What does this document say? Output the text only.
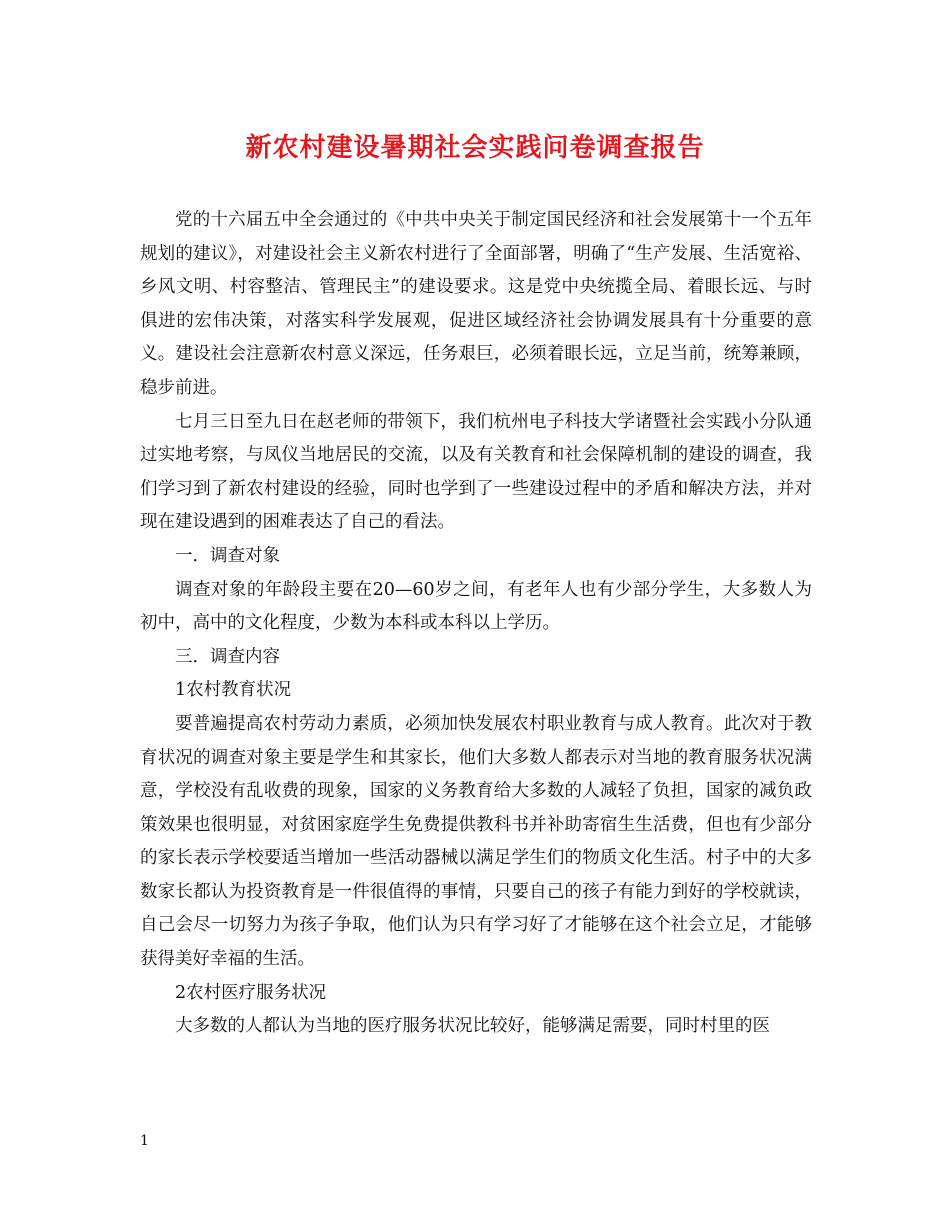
新农村建设暑期社会实践问卷调查报告

党的十六届五中全会通过的《中共中央关于制定国民经济和社会发展第十一个五年规划的建议》，对建设社会主义新农村进行了全面部署，明确了“生产发展、生活宽裕、乡风文明、村容整洁、管理民主”的建设要求。这是党中央统揽全局、着眼长远、与时俱进的宏伟决策，对落实科学发展观，促进区域经济社会协调发展具有十分重要的意义。建设社会注意新农村意义深远，任务艰巨，必须着眼长远，立足当前，统筹兼顾，稳步前进。

七月三日至九日在赵老师的带领下，我们杭州电子科技大学诸暨社会实践小分队通过实地考察，与凤仪当地居民的交流，以及有关教育和社会保障机制的建设的调查，我们学习到了新农村建设的经验，同时也学到了一些建设过程中的矛盾和解决方法，并对现在建设遇到的困难表达了自己的看法。

一．调查对象

调查对象的年龄段主要在20—60岁之间，有老年人也有少部分学生，大多数人为初中，高中的文化程度，少数为本科或本科以上学历。

三．调查内容

1农村教育状况

要普遍提高农村劳动力素质，必须加快发展农村职业教育与成人教育。此次对于教育状况的调查对象主要是学生和其家长，他们大多数人都表示对当地的教育服务状况满意，学校没有乱收费的现象，国家的义务教育给大多数的人减轻了负担，国家的减负政策效果也很明显，对贫困家庭学生免费提供教科书并补助寄宿生生活费，但也有少部分的家长表示学校要适当增加一些活动器械以满足学生们的物质文化生活。村子中的大多数家长都认为投资教育是一件很值得的事情，只要自己的孩子有能力到好的学校就读，自己会尽一切努力为孩子争取，他们认为只有学习好了才能够在这个社会立足，才能够获得美好幸福的生活。

2农村医疗服务状况

大多数的人都认为当地的医疗服务状况比较好，能够满足需要，同时村里的医

1
